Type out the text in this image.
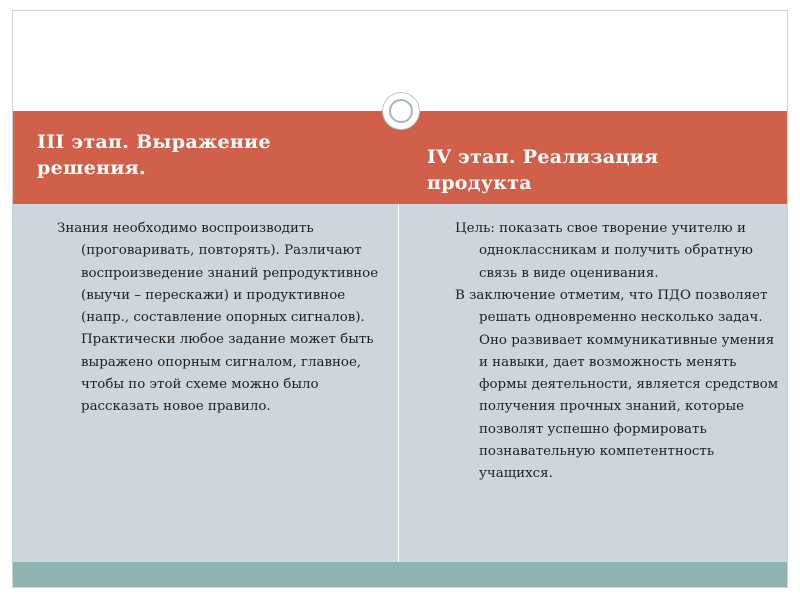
III этап. Выражение решения.	IV этап. Реализация продукта
Знания необходимо воспроизводить (проговаривать, повторять). Различают воспроизведение знаний репродуктивное (выучи – перескажи) и продуктивное (напр., составление опорных сигналов). Практически любое задание может быть выражено опорным сигналом, главное, чтобы по этой схеме можно было рассказать новое правило.
Цель: показать свое творение учителю и одноклассникам и получить обратную связь в виде оценивания.
В заключение отметим, что ПДО позволяет решать одновременно несколько задач. Оно развивает коммуникативные умения и навыки, дает возможность менять формы деятельности, является средством получения прочных знаний, которые позволят успешно формировать познавательную компетентность учащихся.
